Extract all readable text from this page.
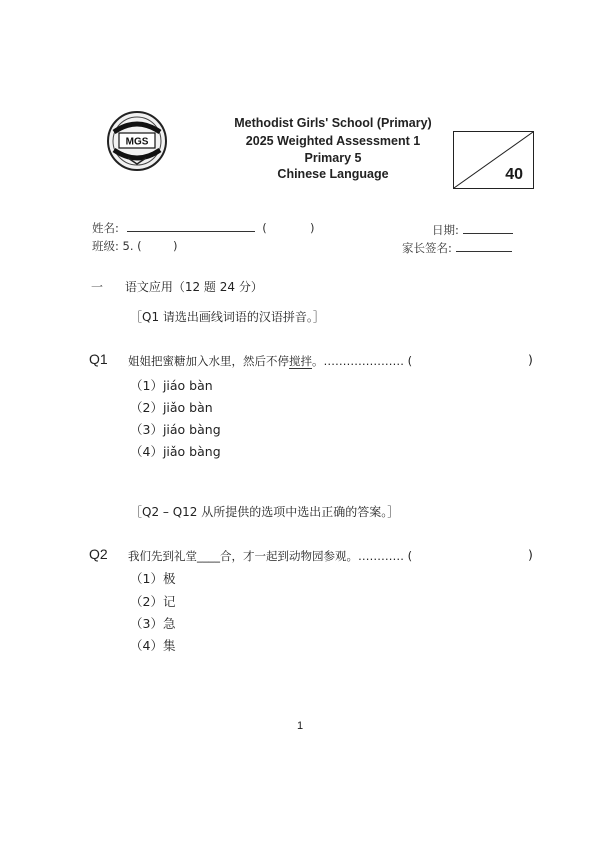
MGS
Methodist Girls' School (Primary)
2025 Weighted Assessment 1
Primary 5
Chinese Language	40
姓名:	(	)
班级: 5. (	)
日期:
家长签名:
一 语文应用（12 题 24 分）
［Q1 请选出画线词语的汉语拼音。］
Q1 姐姐把蜜糖加入水里，然后不停搅拌。………………… (	)
（1）jiáo bàn
（2）jiǎo bàn
（3）jiáo bàng
（4）jiǎo bàng
［Q2 – Q12 从所提供的选项中选出正确的答案。］
Q2 我们先到礼堂____合，才一起到动物园参观。………… (	)
（1）极
（2）记
（3）急
（4）集
1
